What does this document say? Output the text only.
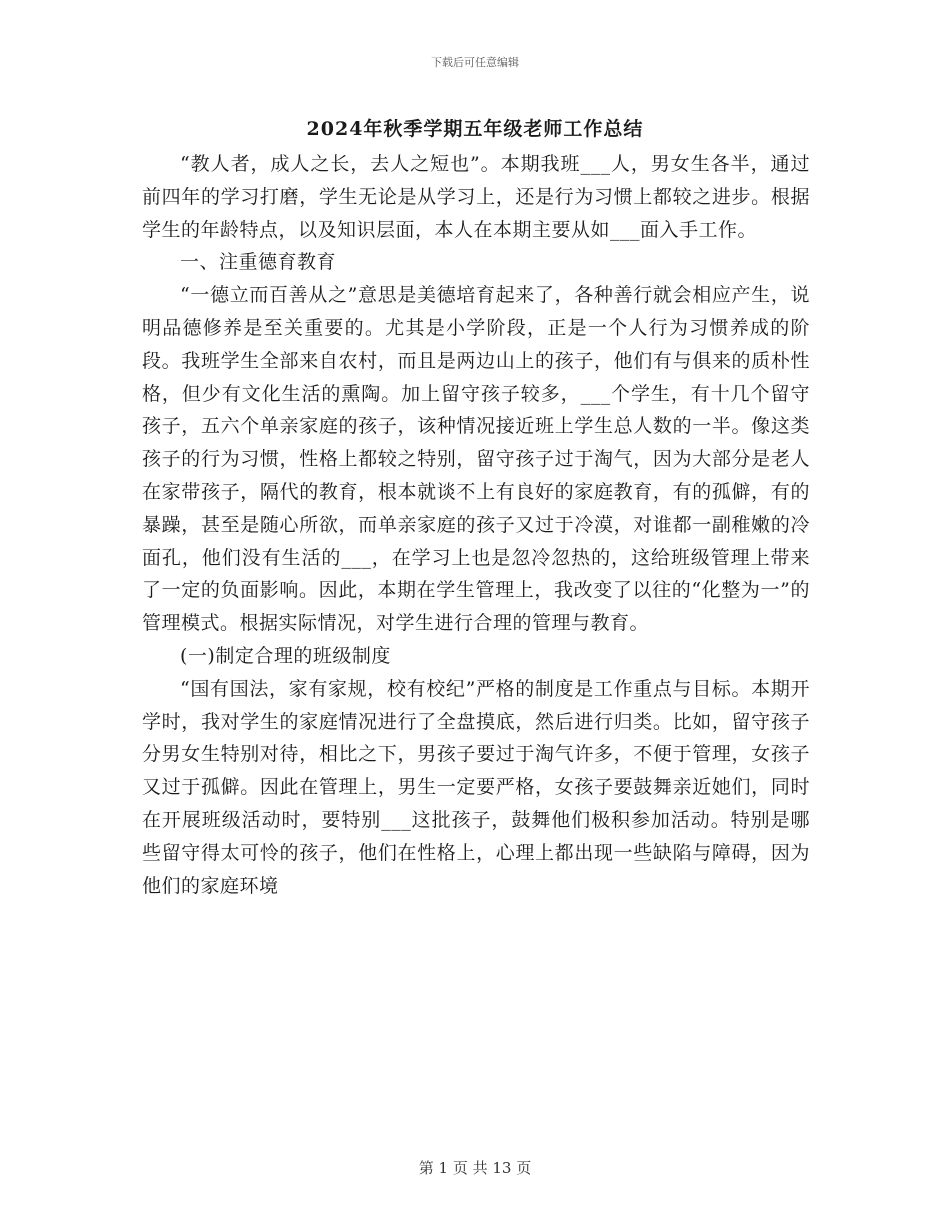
下载后可任意编辑
2024年秋季学期五年级老师工作总结

“教人者，成人之长，去人之短也”。本期我班___人，男女生各半，通过前四年的学习打磨，学生无论是从学习上，还是行为习惯上都较之进步。根据学生的年龄特点，以及知识层面，本人在本期主要从如___面入手工作。

一、注重德育教育

“一德立而百善从之”意思是美德培育起来了，各种善行就会相应产生，说明品德修养是至关重要的。尤其是小学阶段，正是一个人行为习惯养成的阶段。我班学生全部来自农村，而且是两边山上的孩子，他们有与俱来的质朴性格，但少有文化生活的熏陶。加上留守孩子较多，___个学生，有十几个留守孩子，五六个单亲家庭的孩子，该种情况接近班上学生总人数的一半。像这类孩子的行为习惯，性格上都较之特别，留守孩子过于淘气，因为大部分是老人在家带孩子，隔代的教育，根本就谈不上有良好的家庭教育，有的孤僻，有的暴躁，甚至是随心所欲，而单亲家庭的孩子又过于冷漠，对谁都一副稚嫩的冷面孔，他们没有生活的___，在学习上也是忽冷忽热的，这给班级管理上带来了一定的负面影响。因此，本期在学生管理上，我改变了以往的“化整为一”的管理模式。根据实际情况，对学生进行合理的管理与教育。

(一)制定合理的班级制度

“国有国法，家有家规，校有校纪”严格的制度是工作重点与目标。本期开学时，我对学生的家庭情况进行了全盘摸底，然后进行归类。比如，留守孩子分男女生特别对待，相比之下，男孩子要过于淘气许多，不便于管理，女孩子又过于孤僻。因此在管理上，男生一定要严格，女孩子要鼓舞亲近她们，同时在开展班级活动时，要特别___这批孩子，鼓舞他们极积参加活动。特别是哪些留守得太可怜的孩子，他们在性格上，心理上都出现一些缺陷与障碍，因为他们的家庭环境

第 1 页 共 13 页
